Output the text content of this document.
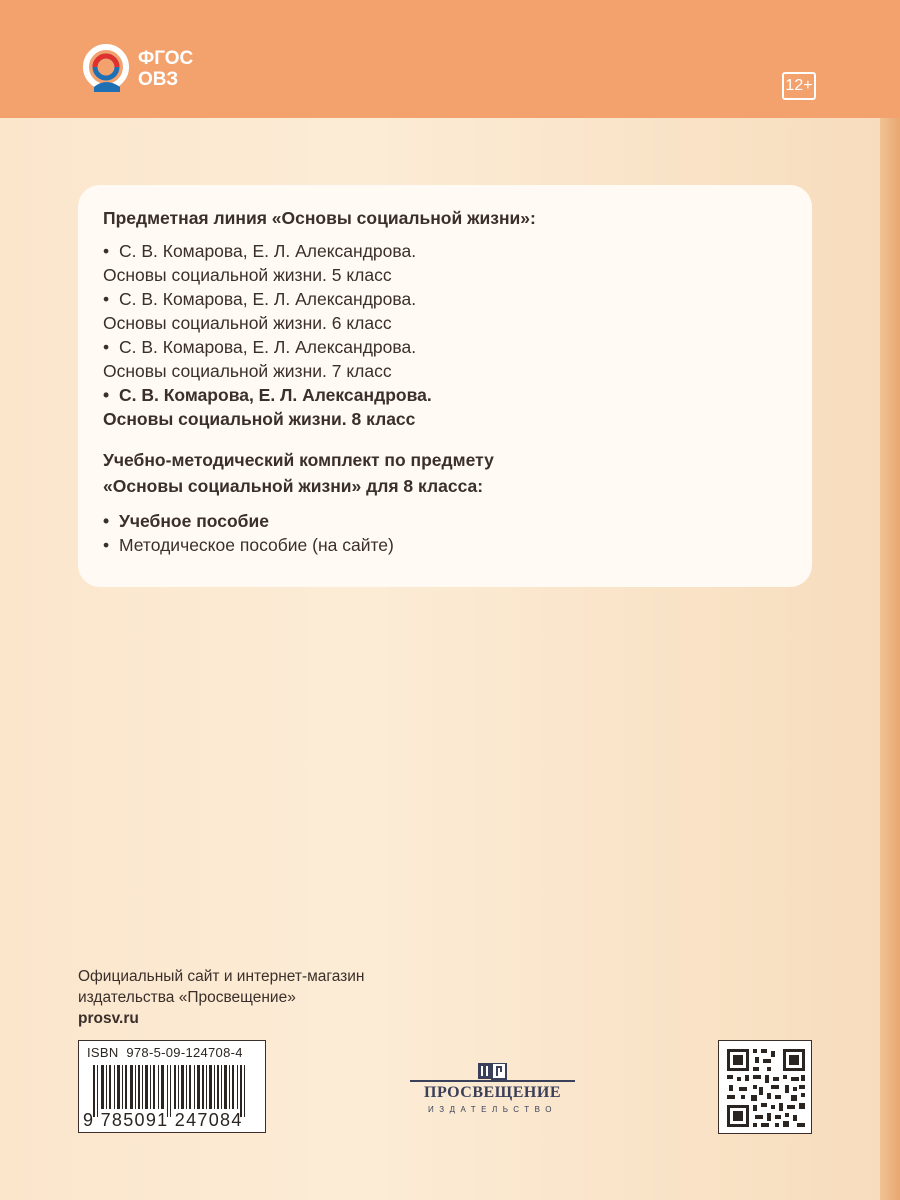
ФГОС
ОВЗ	12+
Предметная линия «Основы социальной жизни»:
• С. В. Комарова, Е. Л. Александрова.
Основы социальной жизни. 5 класс
• С. В. Комарова, Е. Л. Александрова.
Основы социальной жизни. 6 класс
• С. В. Комарова, Е. Л. Александрова.
Основы социальной жизни. 7 класс
• С. В. Комарова, Е. Л. Александрова.
Основы социальной жизни. 8 класс
Учебно-методический комплект по предмету
«Основы социальной жизни» для 8 класса:
• Учебное пособие
• Методическое пособие (на сайте)
Официальный сайт и интернет-магазин
издательства «Просвещение»
prosv.ru
ISBN 978-5-09-124708-4
9 785091 247084
ПРОСВЕЩЕНИЕ
ИЗДАТЕЛЬСТВО
